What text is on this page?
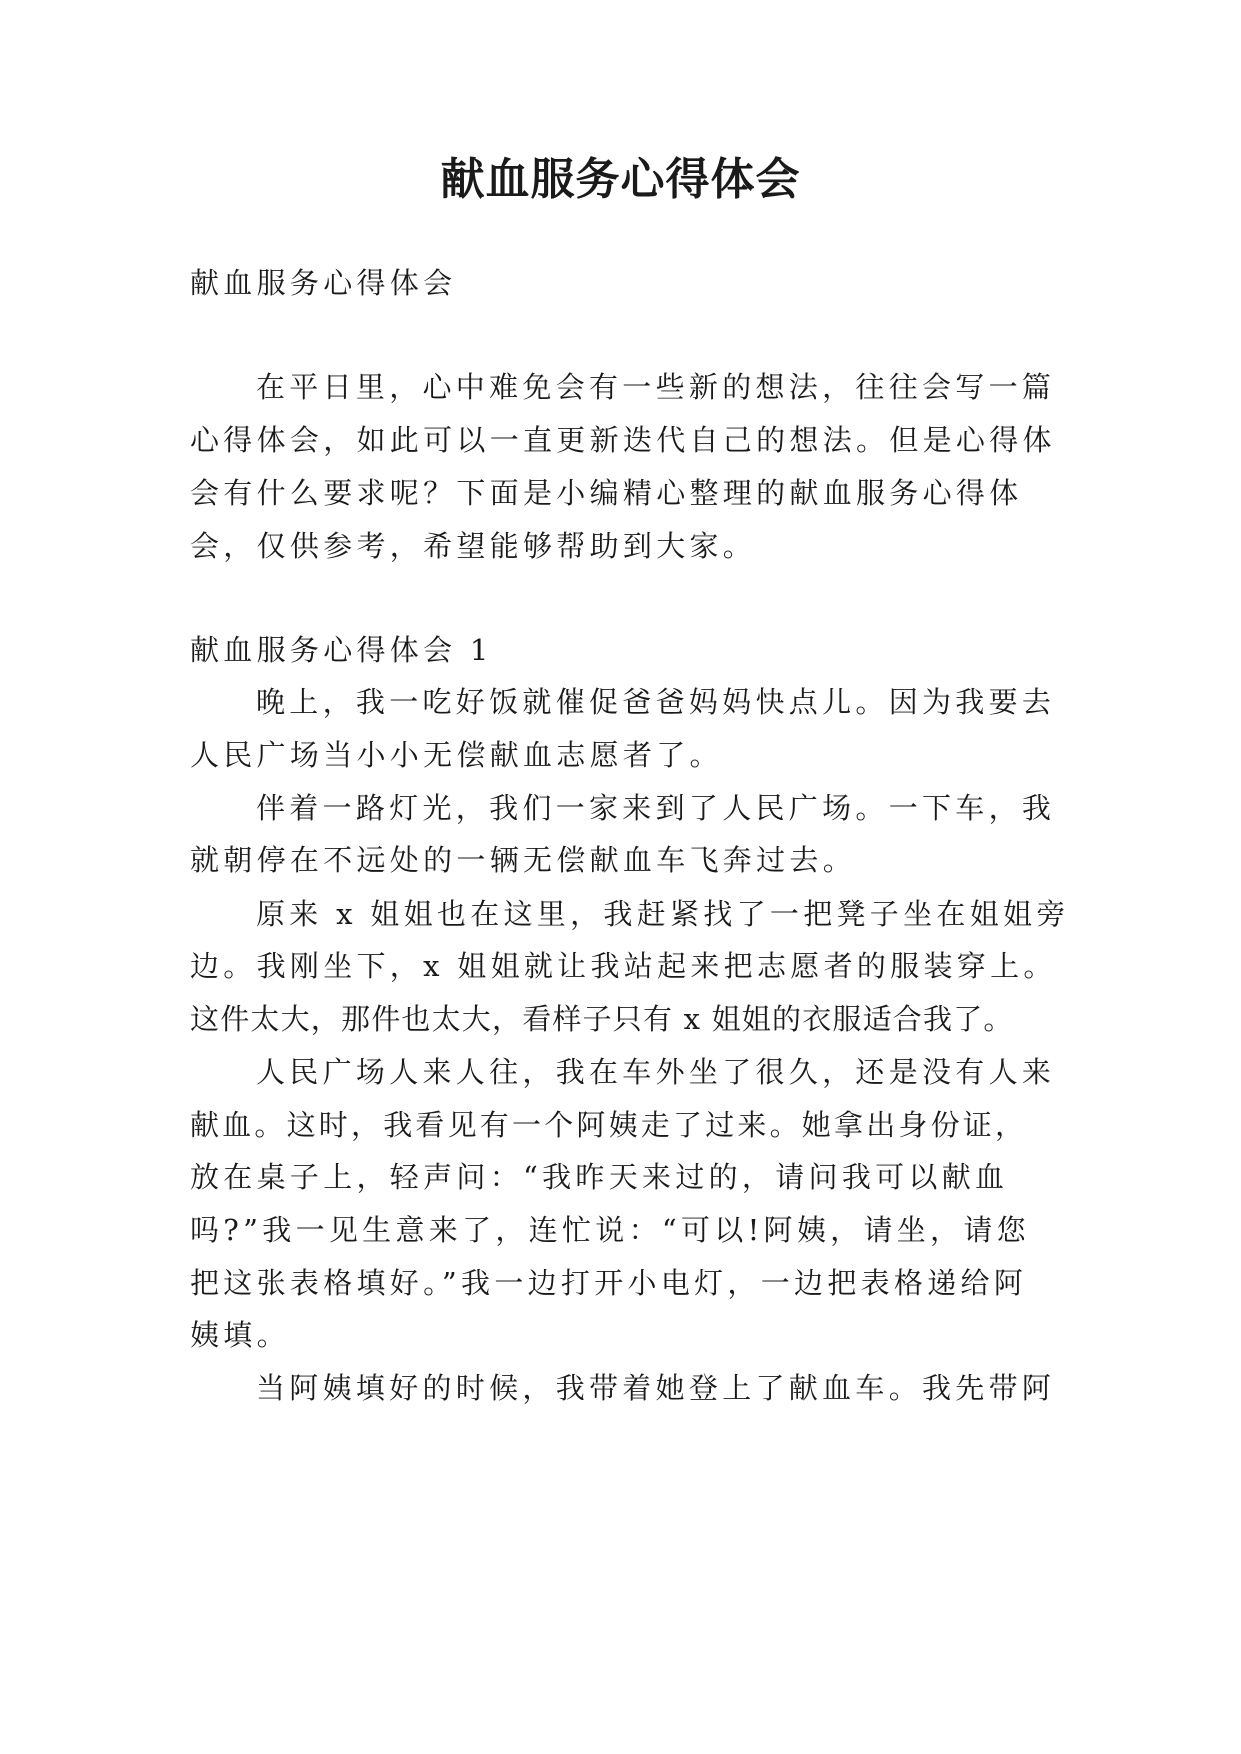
献血服务心得体会
献血服务心得体会
在平日里，心中难免会有一些新的想法，往往会写一篇
心得体会，如此可以一直更新迭代自己的想法。但是心得体
会有什么要求呢？下面是小编精心整理的献血服务心得体
会，仅供参考，希望能够帮助到大家。
献血服务心得体会 1
晚上，我一吃好饭就催促爸爸妈妈快点儿。因为我要去
人民广场当小小无偿献血志愿者了。
伴着一路灯光，我们一家来到了人民广场。一下车，我
就朝停在不远处的一辆无偿献血车飞奔过去。
原来 x 姐姐也在这里，我赶紧找了一把凳子坐在姐姐旁
边。我刚坐下，x 姐姐就让我站起来把志愿者的服装穿上。
这件太大，那件也太大，看样子只有 x 姐姐的衣服适合我了。
人民广场人来人往，我在车外坐了很久，还是没有人来
献血。这时，我看见有一个阿姨走了过来。她拿出身份证，
放在桌子上，轻声问：“我昨天来过的，请问我可以献血
吗?”我一见生意来了，连忙说：“可以!阿姨，请坐，请您
把这张表格填好。”我一边打开小电灯，一边把表格递给阿
姨填。
当阿姨填好的时候，我带着她登上了献血车。我先带阿
